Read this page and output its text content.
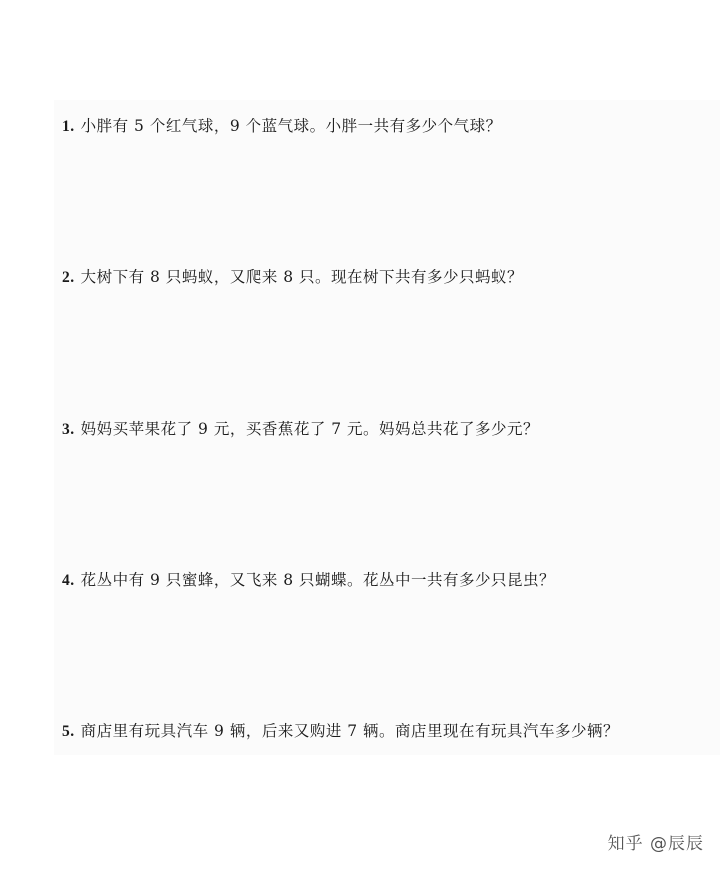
1. 小胖有 5 个红气球，9 个蓝气球。小胖一共有多少个气球？
2. 大树下有 8 只蚂蚁，又爬来 8 只。现在树下共有多少只蚂蚁？
3. 妈妈买苹果花了 9 元，买香蕉花了 7 元。妈妈总共花了多少元？
4. 花丛中有 9 只蜜蜂，又飞来 8 只蝴蝶。花丛中一共有多少只昆虫？
5. 商店里有玩具汽车 9 辆，后来又购进 7 辆。商店里现在有玩具汽车多少辆？
知乎 @辰辰
